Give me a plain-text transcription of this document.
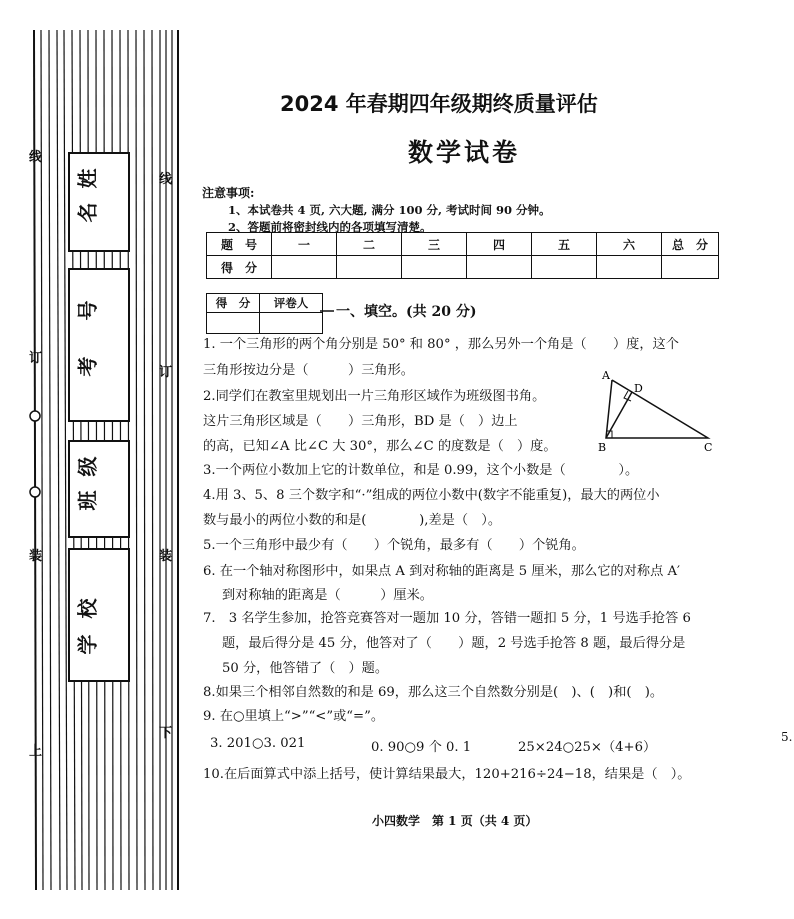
线
订
装
上
线
订
装
下
姓
名
号
考
级
班
校
学
2024 年春期四年级期终质量评估
数学试卷
注意事项:
1、本试卷共 4 页, 六大题, 满分 100 分, 考试时间 90 分钟。
2、答题前将密封线内的各项填写清楚。
题　号	一	二	三	四	五	六	总　分
得　分							
得　分	评卷人

一、填空。(共 20 分)
1. 一个三角形的两个角分别是 50° 和 80° ，那么另外一个角是（　　）度，这个
三角形按边分是（　　　）三角形。
2.同学们在教室里规划出一片三角形区域作为班级图书角。
这片三角形区域是（　　）三角形，BD 是（　）边上
的高，已知∠A 比∠C 大 30°，那么∠C 的度数是（　）度。
3.一个两位小数加上它的计数单位，和是 0.99，这个小数是（　　　　）。
4.用 3、5、8 三个数字和“·”组成的两位小数中(数字不能重复)，最大的两位小
数与最小的两位小数的和是(　　　　),差是（　）。
5.一个三角形中最少有（　　）个锐角，最多有（　　）个锐角。
6. 在一个轴对称图形中，如果点 A 到对称轴的距离是 5 厘米，那么它的对称点 A′
到对称轴的距离是（　　　）厘米。
7.　3 名学生参加，抢答竞赛答对一题加 10 分，答错一题扣 5 分，1 号选手抢答 6
题，最后得分是 45 分，他答对了（　　）题，2 号选手抢答 8 题，最后得分是
50 分，他答错了（　）题。
8.如果三个相邻自然数的和是 69，那么这三个自然数分别是(　)、(　)和(　)。
9. 在○里填上“>”“<”或“=”。
3. 201○3. 021	0. 90○9 个 0. 1	25×24○25×（4+6）
10.在后面算式中添上括号，使计算结果最大，120+216÷24−18，结果是（　）。
A
D
B	C
小四数学　第 1 页（共 4 页）
5.
